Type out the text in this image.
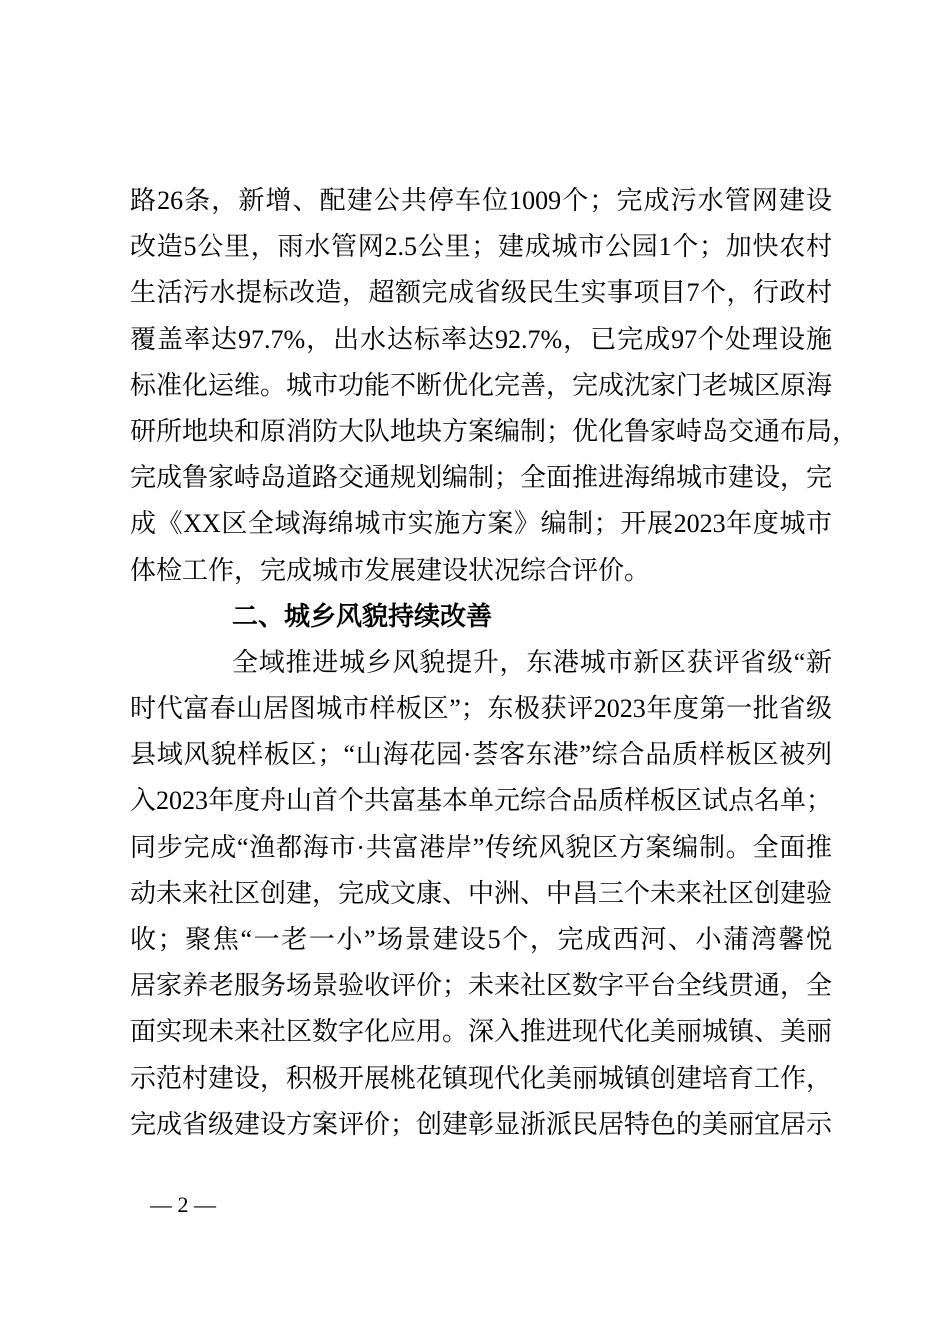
路26条，新增、配建公共停车位1009个；完成污水管网建设
改造5公里，雨水管网2.5公里；建成城市公园1个；加快农村
生活污水提标改造，超额完成省级民生实事项目7个，行政村
覆盖率达97.7%，出水达标率达92.7%，已完成97个处理设施
标准化运维。城市功能不断优化完善，完成沈家门老城区原海
研所地块和原消防大队地块方案编制；优化鲁家峙岛交通布局，
完成鲁家峙岛道路交通规划编制；全面推进海绵城市建设，完
成《XX区全域海绵城市实施方案》编制；开展2023年度城市
体检工作，完成城市发展建设状况综合评价。
二、城乡风貌持续改善
全域推进城乡风貌提升，东港城市新区获评省级“新
时代富春山居图城市样板区”；东极获评2023年度第一批省级
县域风貌样板区；“山海花园·荟客东港”综合品质样板区被列
入2023年度舟山首个共富基本单元综合品质样板区试点名单；
同步完成“渔都海市·共富港岸”传统风貌区方案编制。全面推
动未来社区创建，完成文康、中洲、中昌三个未来社区创建验
收；聚焦“一老一小”场景建设5个，完成西河、小蒲湾馨悦
居家养老服务场景验收评价；未来社区数字平台全线贯通，全
面实现未来社区数字化应用。深入推进现代化美丽城镇、美丽
示范村建设，积极开展桃花镇现代化美丽城镇创建培育工作，
完成省级建设方案评价；创建彰显浙派民居特色的美丽宜居示
— 2 —
